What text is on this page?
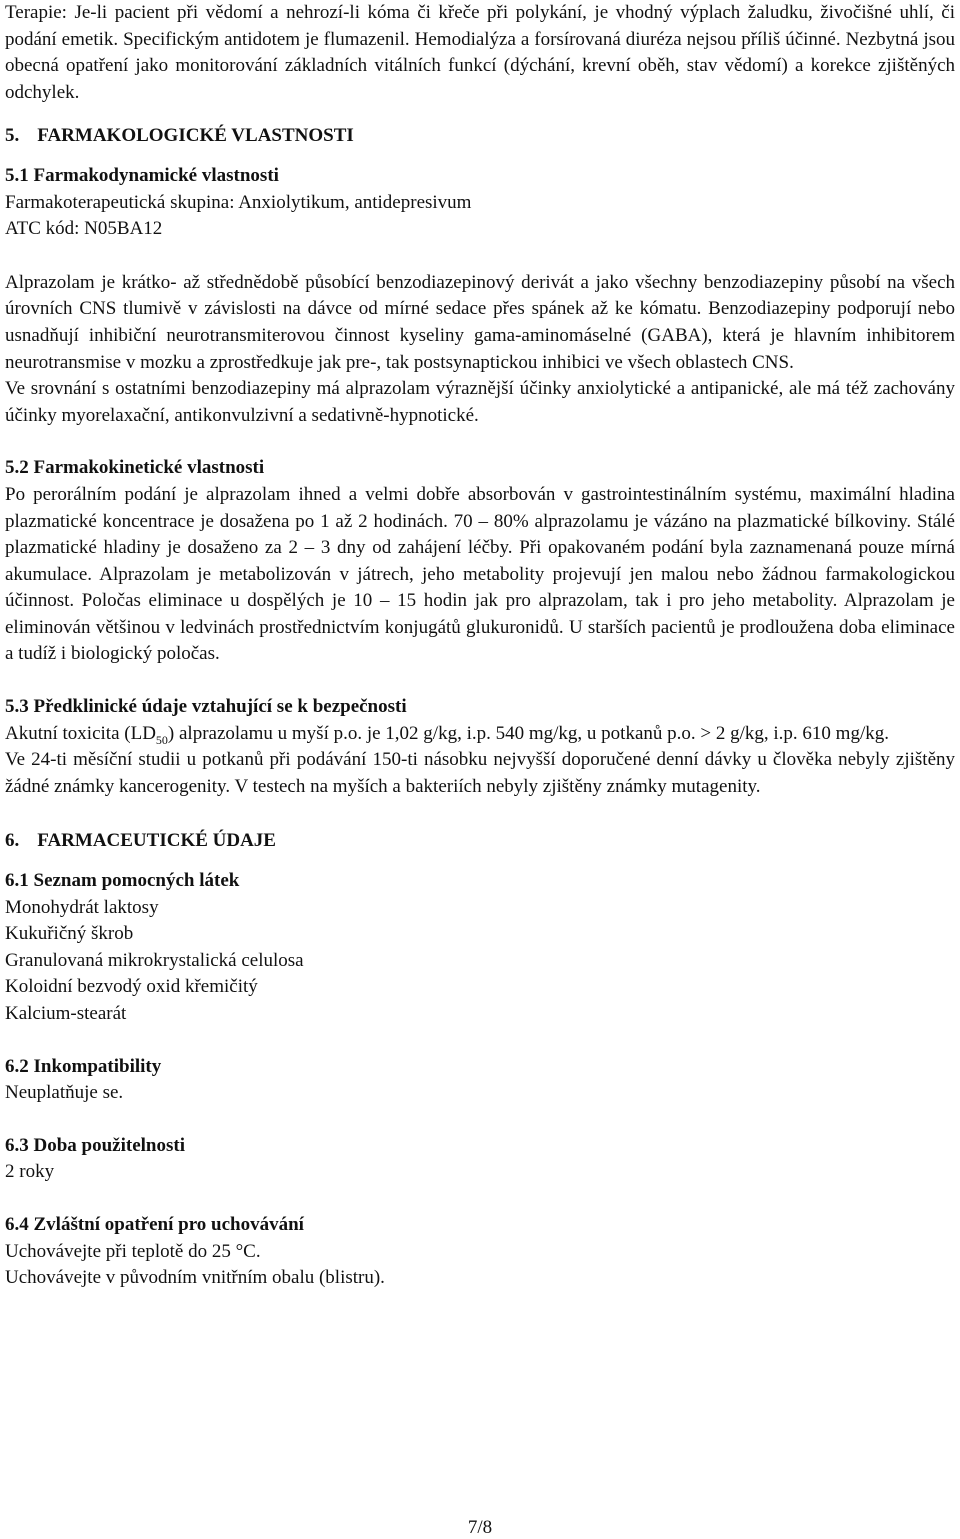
Terapie: Je-li pacient při vědomí a nehrozí-li kóma či křeče při polykání, je vhodný výplach žaludku, živočišné uhlí, či podání emetik. Specifickým antidotem je flumazenil. Hemodialýza a forsírovaná diuréza nejsou příliš účinné. Nezbytná jsou obecná opatření jako monitorování základních vitálních funkcí (dýchání, krevní oběh, stav vědomí) a korekce zjištěných odchylek.

5. FARMAKOLOGICKÉ VLASTNOSTI
5.1 Farmakodynamické vlastnosti

Farmakoterapeutická skupina: Anxiolytikum, antidepresivum

ATC kód: N05BA12

Alprazolam je krátko- až střednědobě působící benzodiazepinový derivát a jako všechny benzodiazepiny působí na všech úrovních CNS tlumivě v závislosti na dávce od mírné sedace přes spánek až ke kómatu. Benzodiazepiny podporují nebo usnadňují inhibiční neurotransmiterovou činnost kyseliny gama-aminomáselné (GABA), která je hlavním inhibitorem neurotransmise v mozku a zprostředkuje jak pre-, tak postsynaptickou inhibici ve všech oblastech CNS.

Ve srovnání s ostatními benzodiazepiny má alprazolam výraznější účinky anxiolytické a antipanické, ale má též zachovány účinky myorelaxační, antikonvulzivní a sedativně-hypnotické.

5.2 Farmakokinetické vlastnosti

Po perorálním podání je alprazolam ihned a velmi dobře absorbován v gastrointestinálním systému, maximální hladina plazmatické koncentrace je dosažena po 1 až 2 hodinách. 70 – 80% alprazolamu je vázáno na plazmatické bílkoviny. Stálé plazmatické hladiny je dosaženo za 2 – 3 dny od zahájení léčby. Při opakovaném podání byla zaznamenaná pouze mírná akumulace. Alprazolam je metabolizován v játrech, jeho metabolity projevují jen malou nebo žádnou farmakologickou účinnost. Poločas eliminace u dospělých je 10 – 15 hodin jak pro alprazolam, tak i pro jeho metabolity. Alprazolam je eliminován většinou v ledvinách prostřednictvím konjugátů glukuronidů. U starších pacientů je prodloužena doba eliminace a tudíž i biologický poločas.

5.3 Předklinické údaje vztahující se k bezpečnosti

Akutní toxicita $(LD_{50})$ alprazolamu u myší p.o. je 1,02 g/kg, i.p. 540 mg/kg, u potkanů p.o. > 2 g/kg, i.p. 610 mg/kg.

Ve 24-ti měsíční studii u potkanů při podávání 150-ti násobku nejvyšší doporučené denní dávky u člověka nebyly zjištěny žádné známky kancerogenity. V testech na myších a bakteriích nebyly zjištěny známky mutagenity.

6. FARMACEUTICKÉ ÚDAJE
6.1 Seznam pomocných látek
Monohydrát laktosy
Kukuřičný škrob
Granulovaná mikrokrystalická celulosa
Koloidní bezvodý oxid křemičitý
Kalcium-stearát
6.2 Inkompatibility
Neuplatňuje se.
6.3 Doba použitelnosti
2 roky
6.4 Zvláštní opatření pro uchovávání
Uchovávejte při teplotě do 25 °C.
Uchovávejte v původním vnitřním obalu (blistru).
7/8
